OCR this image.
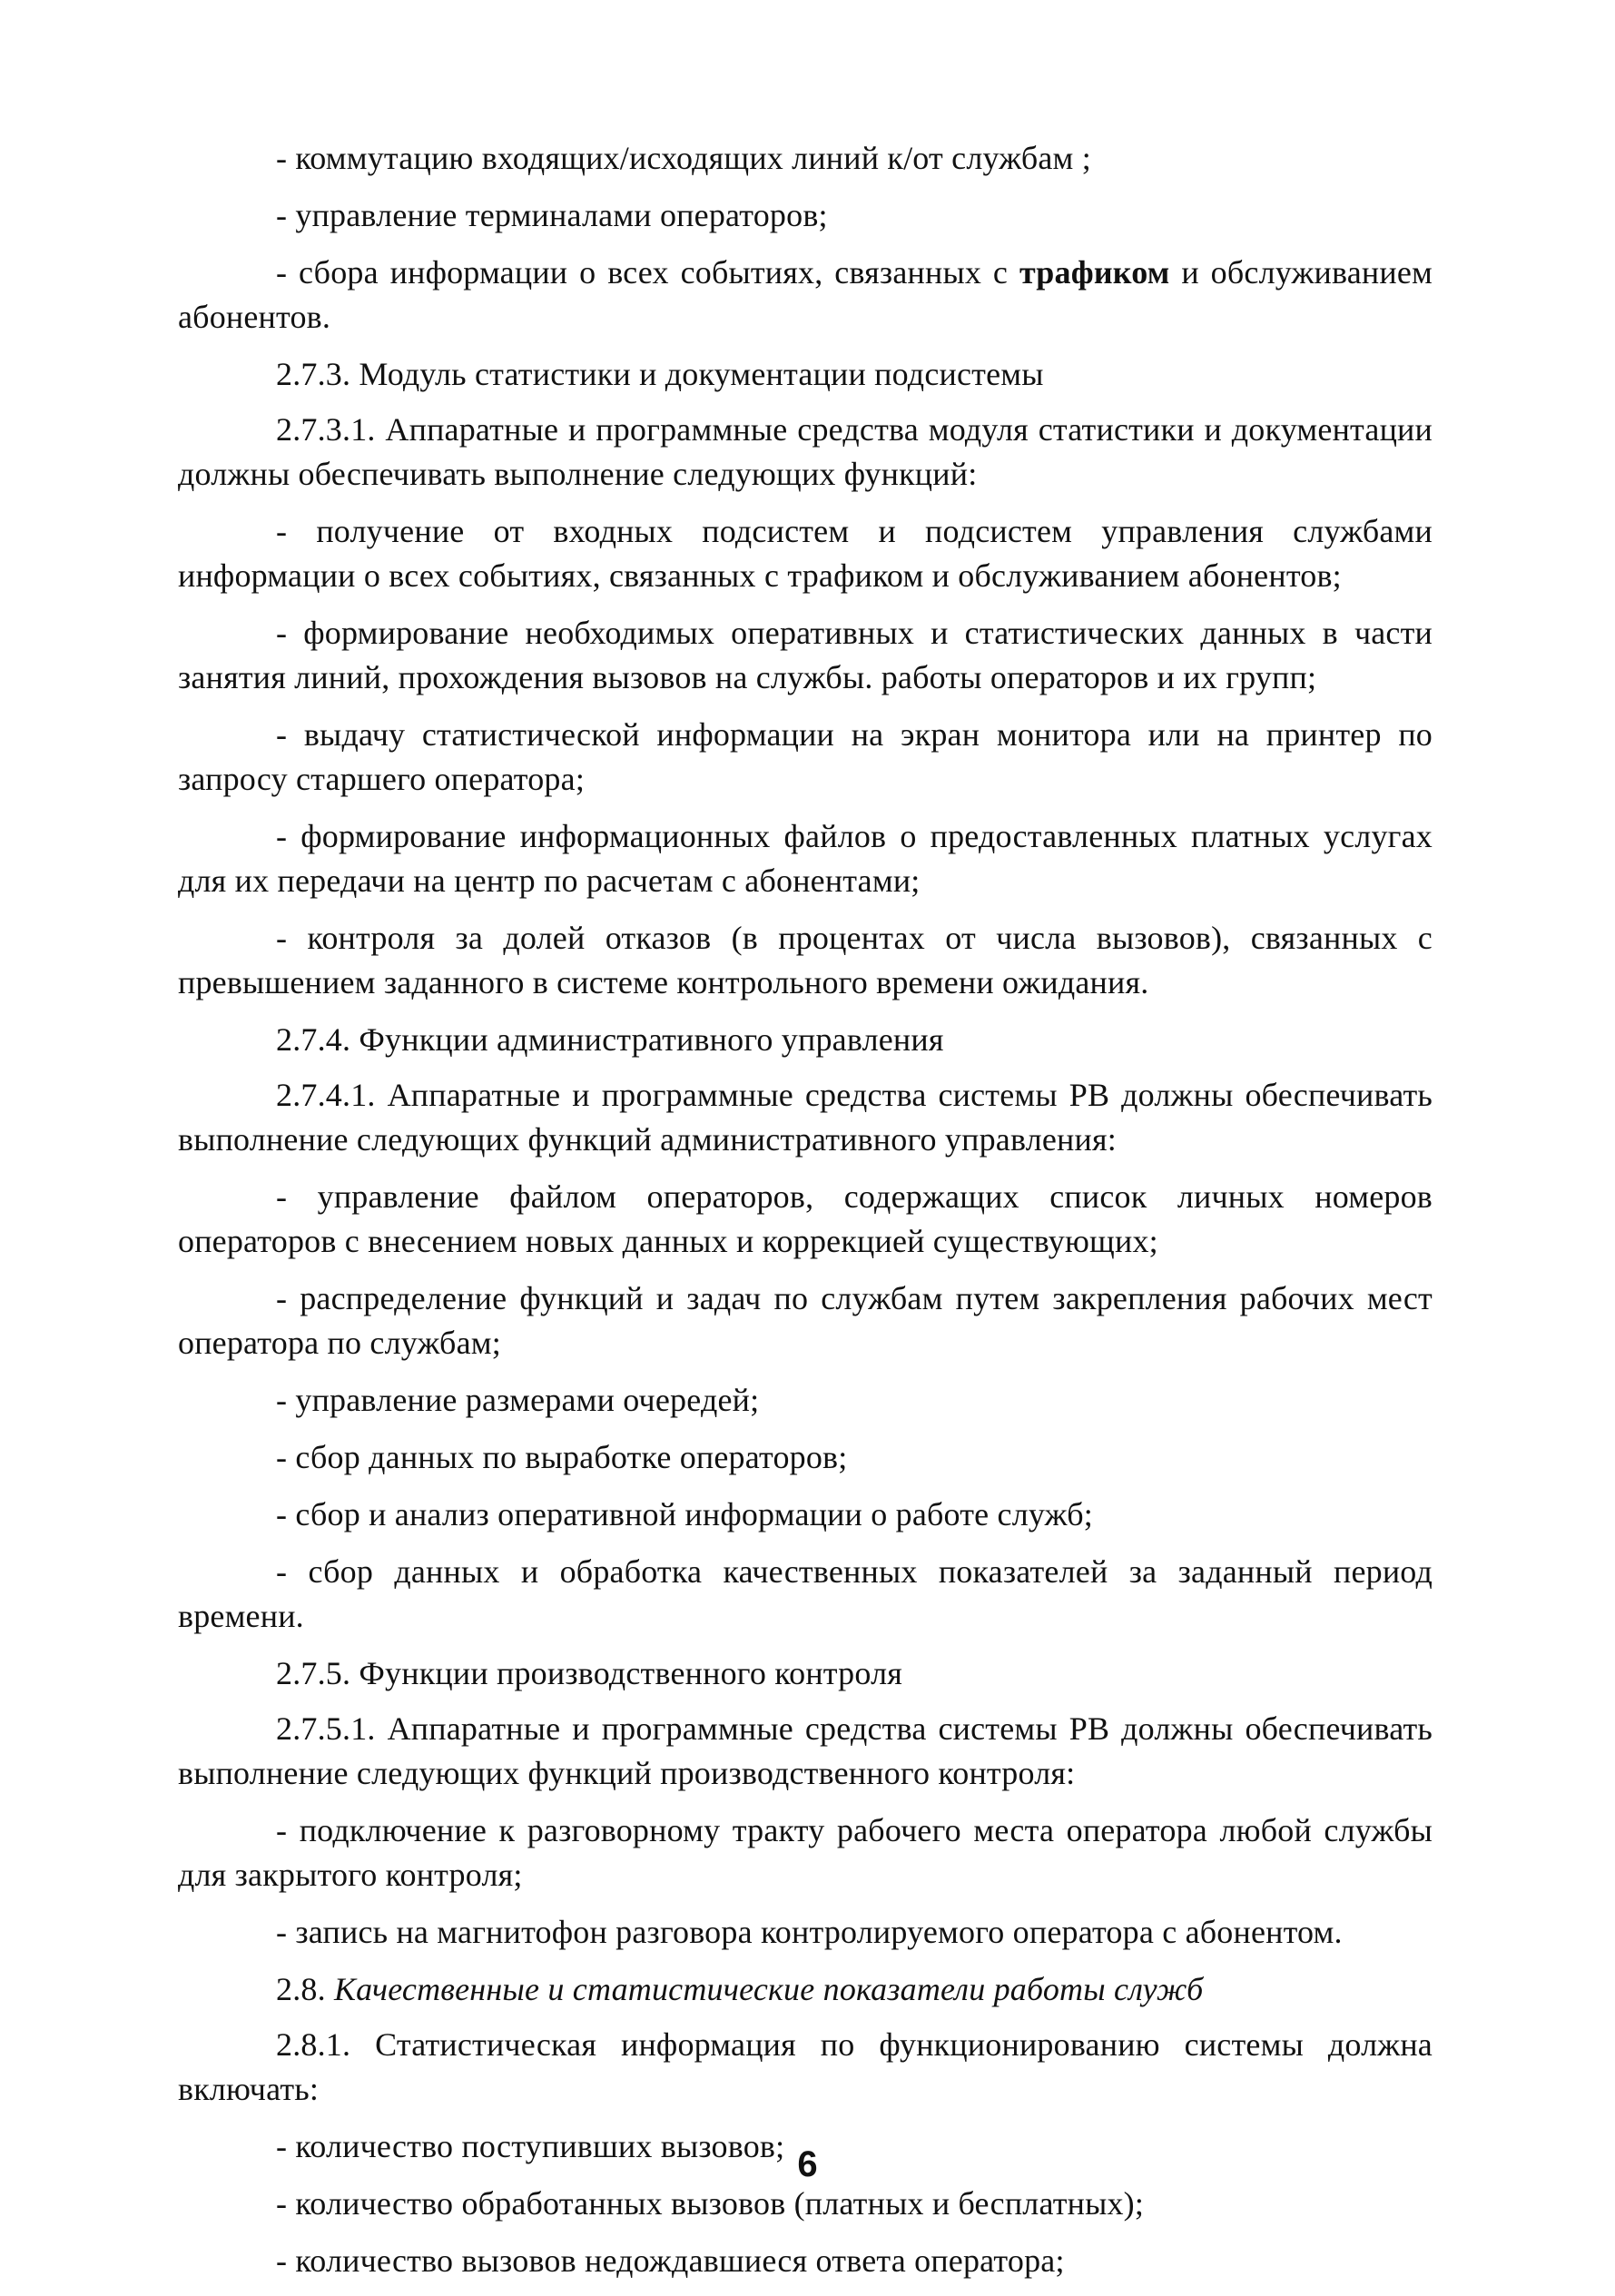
- коммутацию входящих/исходящих линий к/от службам ;

- управление терминалами операторов;

- сбора информации о всех событиях, связанных с трафиком и обслуживанием абонентов.

2.7.3. Модуль статистики и документации подсистемы

2.7.3.1. Аппаратные и программные средства модуля статистики и документации должны обеспечивать выполнение следующих функций:

- получение от входных подсистем и подсистем управления службами информации о всех событиях, связанных с трафиком и обслуживанием абонентов;

- формирование необходимых оперативных и статистических данных в части занятия линий, прохождения вызовов на службы. работы операторов и их групп;

- выдачу статистической информации на экран монитора или на принтер по запросу старшего оператора;

- формирование информационных файлов о предоставленных платных услугах для их передачи на центр по расчетам с абонентами;

- контроля за долей отказов (в процентах от числа вызовов), связанных с превышением заданного в системе контрольного времени ожидания.

2.7.4. Функции административного управления

2.7.4.1. Аппаратные и программные средства системы РВ должны обеспечивать выполнение следующих функций административного управления:

- управление файлом операторов, содержащих список личных номеров операторов с внесением новых данных и коррекцией существующих;

- распределение функций и задач по службам путем закрепления рабочих мест оператора по службам;

- управление размерами очередей;

- сбор данных по выработке операторов;

- сбор и анализ оперативной информации о работе служб;

- сбор данных и обработка качественных показателей за заданный период времени.

2.7.5. Функции производственного контроля

2.7.5.1. Аппаратные и программные средства системы РВ должны обеспечивать выполнение следующих функций производственного контроля:

- подключение к разговорному тракту рабочего места оператора любой службы для закрытого контроля;

- запись на магнитофон разговора контролируемого оператора с абонентом.

2.8. Качественные и статистические показатели работы служб

2.8.1. Статистическая информация по функционированию системы должна включать:

- количество поступивших вызовов;

- количество обработанных вызовов (платных и бесплатных);

- количество вызовов недождавшиеся ответа оператора;

6
